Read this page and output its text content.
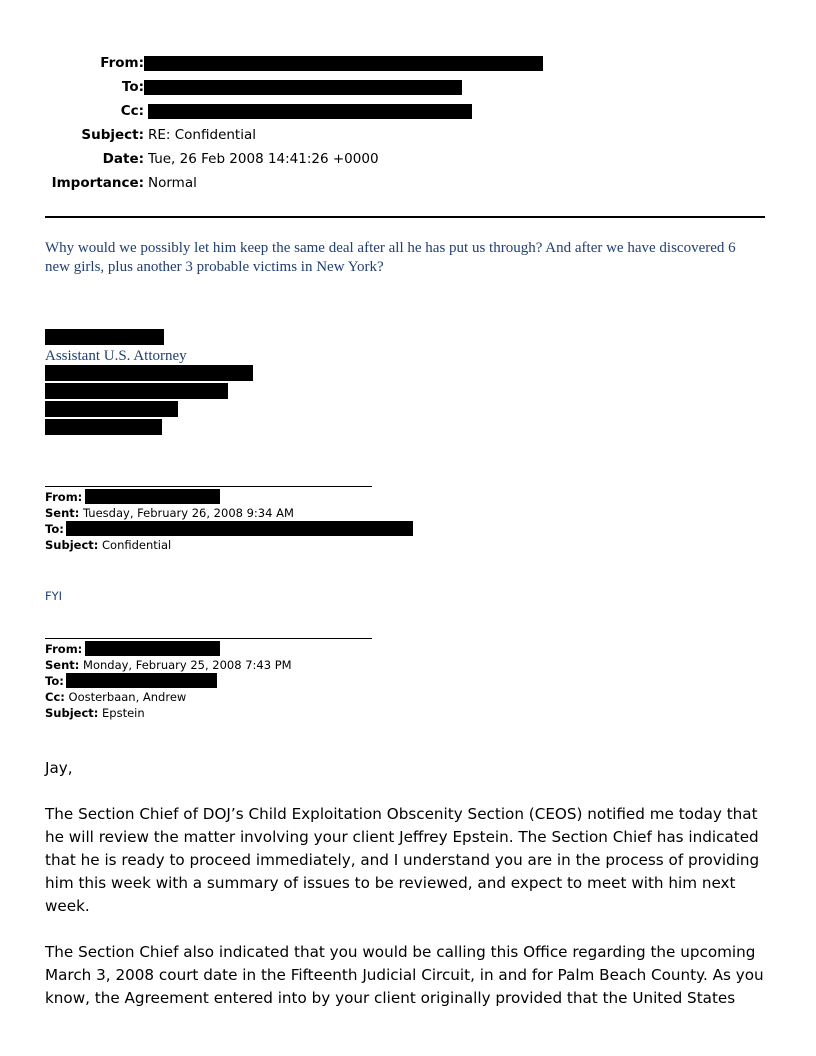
From:
To:
Cc:
Subject: RE: Confidential
Date: Tue, 26 Feb 2008 14:41:26 +0000
Importance: Normal
Why would we possibly let him keep the same deal after all he has put us through? And after we have discovered 6 new girls, plus another 3 probable victims in New York?
Assistant U.S. Attorney
From:
Sent: Tuesday, February 26, 2008 9:34 AM
To:
Subject: Confidential
FYI
From:
Sent: Monday, February 25, 2008 7:43 PM
To:
Cc: Oosterbaan, Andrew
Subject: Epstein
Jay,
The Section Chief of DOJ’s Child Exploitation Obscenity Section (CEOS) notified me today that he will review the matter involving your client Jeffrey Epstein. The Section Chief has indicated that he is ready to proceed immediately, and I understand you are in the process of providing him this week with a summary of issues to be reviewed, and expect to meet with him next week.
The Section Chief also indicated that you would be calling this Office regarding the upcoming March 3, 2008 court date in the Fifteenth Judicial Circuit, in and for Palm Beach County. As you know, the Agreement entered into by your client originally provided that the United States
